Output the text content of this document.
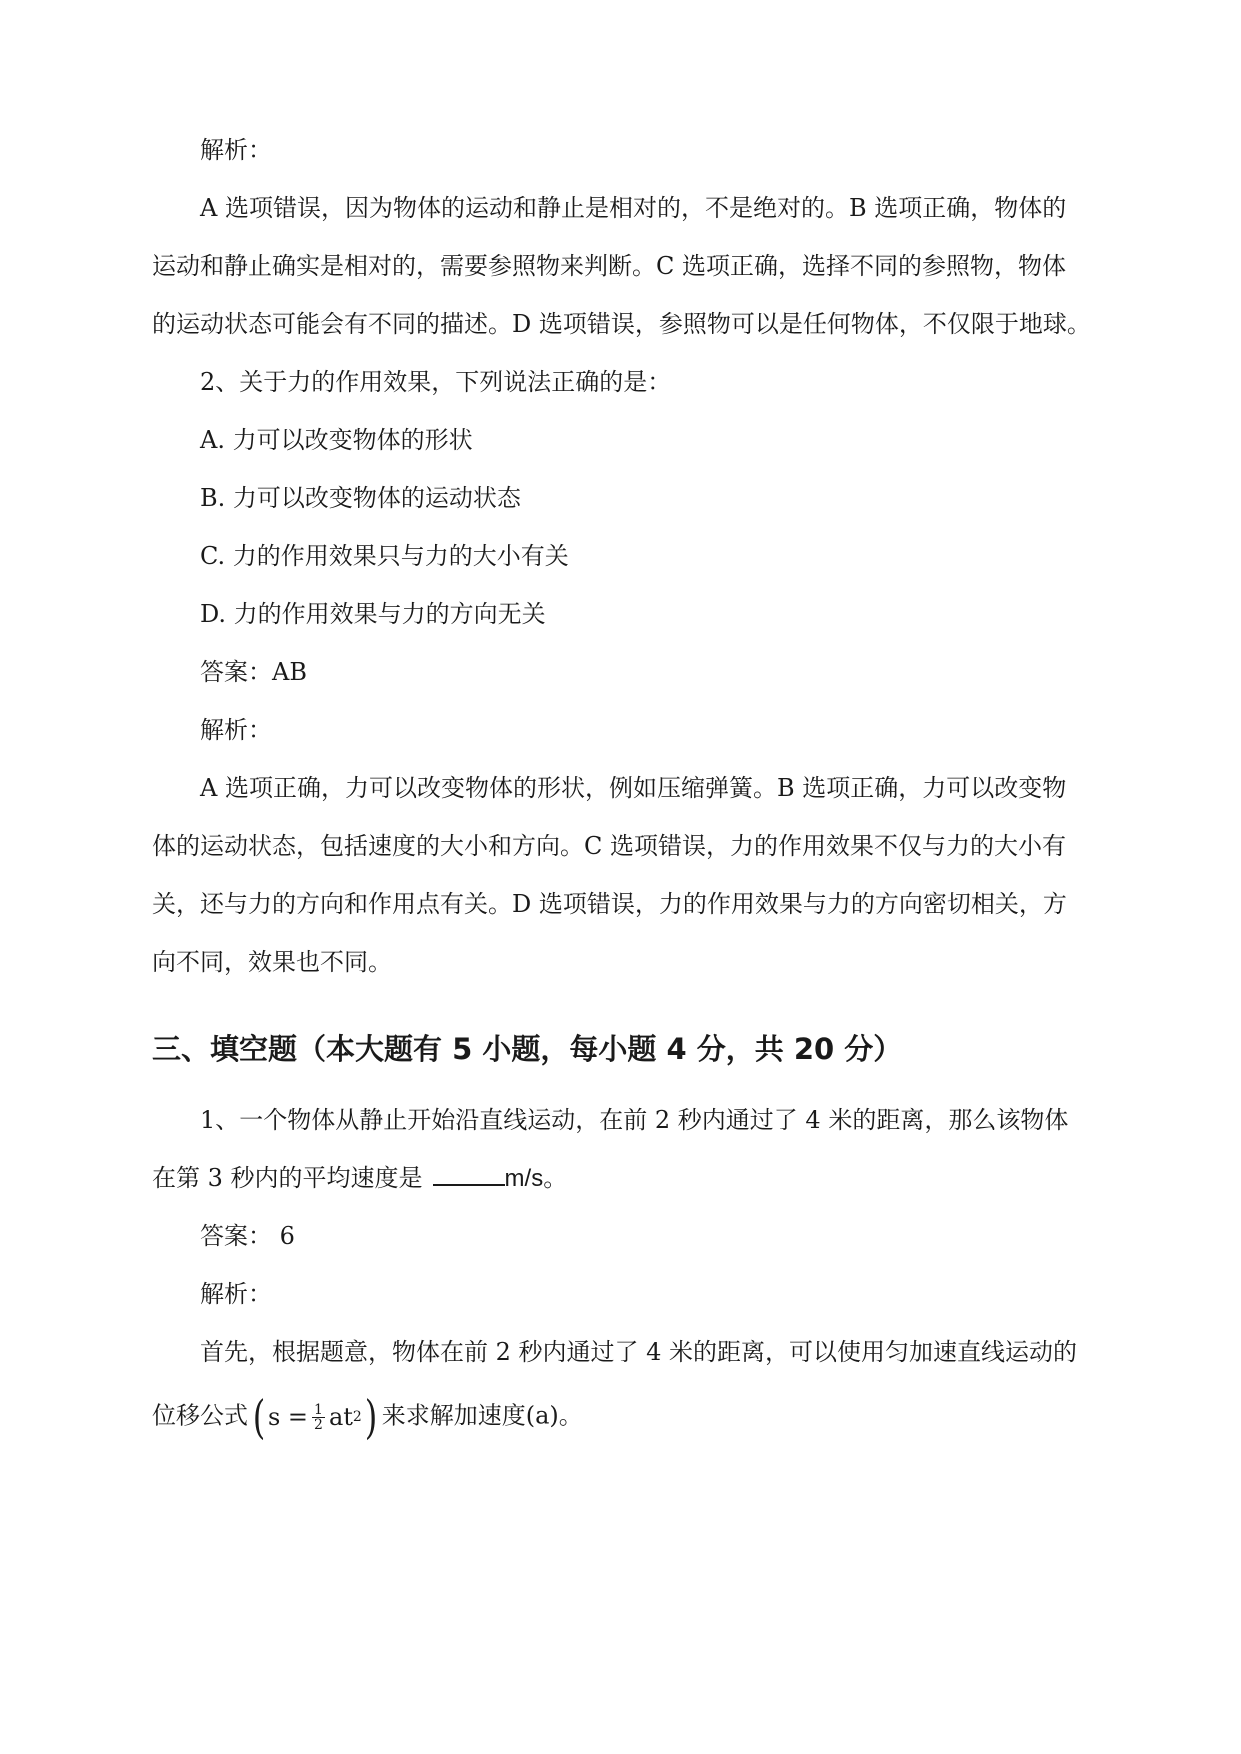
解析：

A 选项错误，因为物体的运动和静止是相对的，不是绝对的。B 选项正确，物体的

运动和静止确实是相对的，需要参照物来判断。C 选项正确，选择不同的参照物，物体

的运动状态可能会有不同的描述。D 选项错误，参照物可以是任何物体，不仅限于地球。

2、关于力的作用效果，下列说法正确的是：

A. 力可以改变物体的形状

B. 力可以改变物体的运动状态

C. 力的作用效果只与力的大小有关

D. 力的作用效果与力的方向无关

答案：AB

解析：

A 选项正确，力可以改变物体的形状，例如压缩弹簧。B 选项正确，力可以改变物

体的运动状态，包括速度的大小和方向。C 选项错误，力的作用效果不仅与力的大小有

关，还与力的方向和作用点有关。D 选项错误，力的作用效果与力的方向密切相关，方

向不同，效果也不同。

三、填空题（本大题有 5 小题，每小题 4 分，共 20 分）

1、一个物体从静止开始沿直线运动，在前 2 秒内通过了 4 米的距离，那么该物体

在第 3 秒内的平均速度是	m/s。

答案： 6

解析：

首先，根据题意，物体在前 2 秒内通过了 4 米的距离，可以使用匀加速直线运动的

位移公式 ( $s = \frac{1}{2}$ at 2 ) 来求解加速度(a)。
